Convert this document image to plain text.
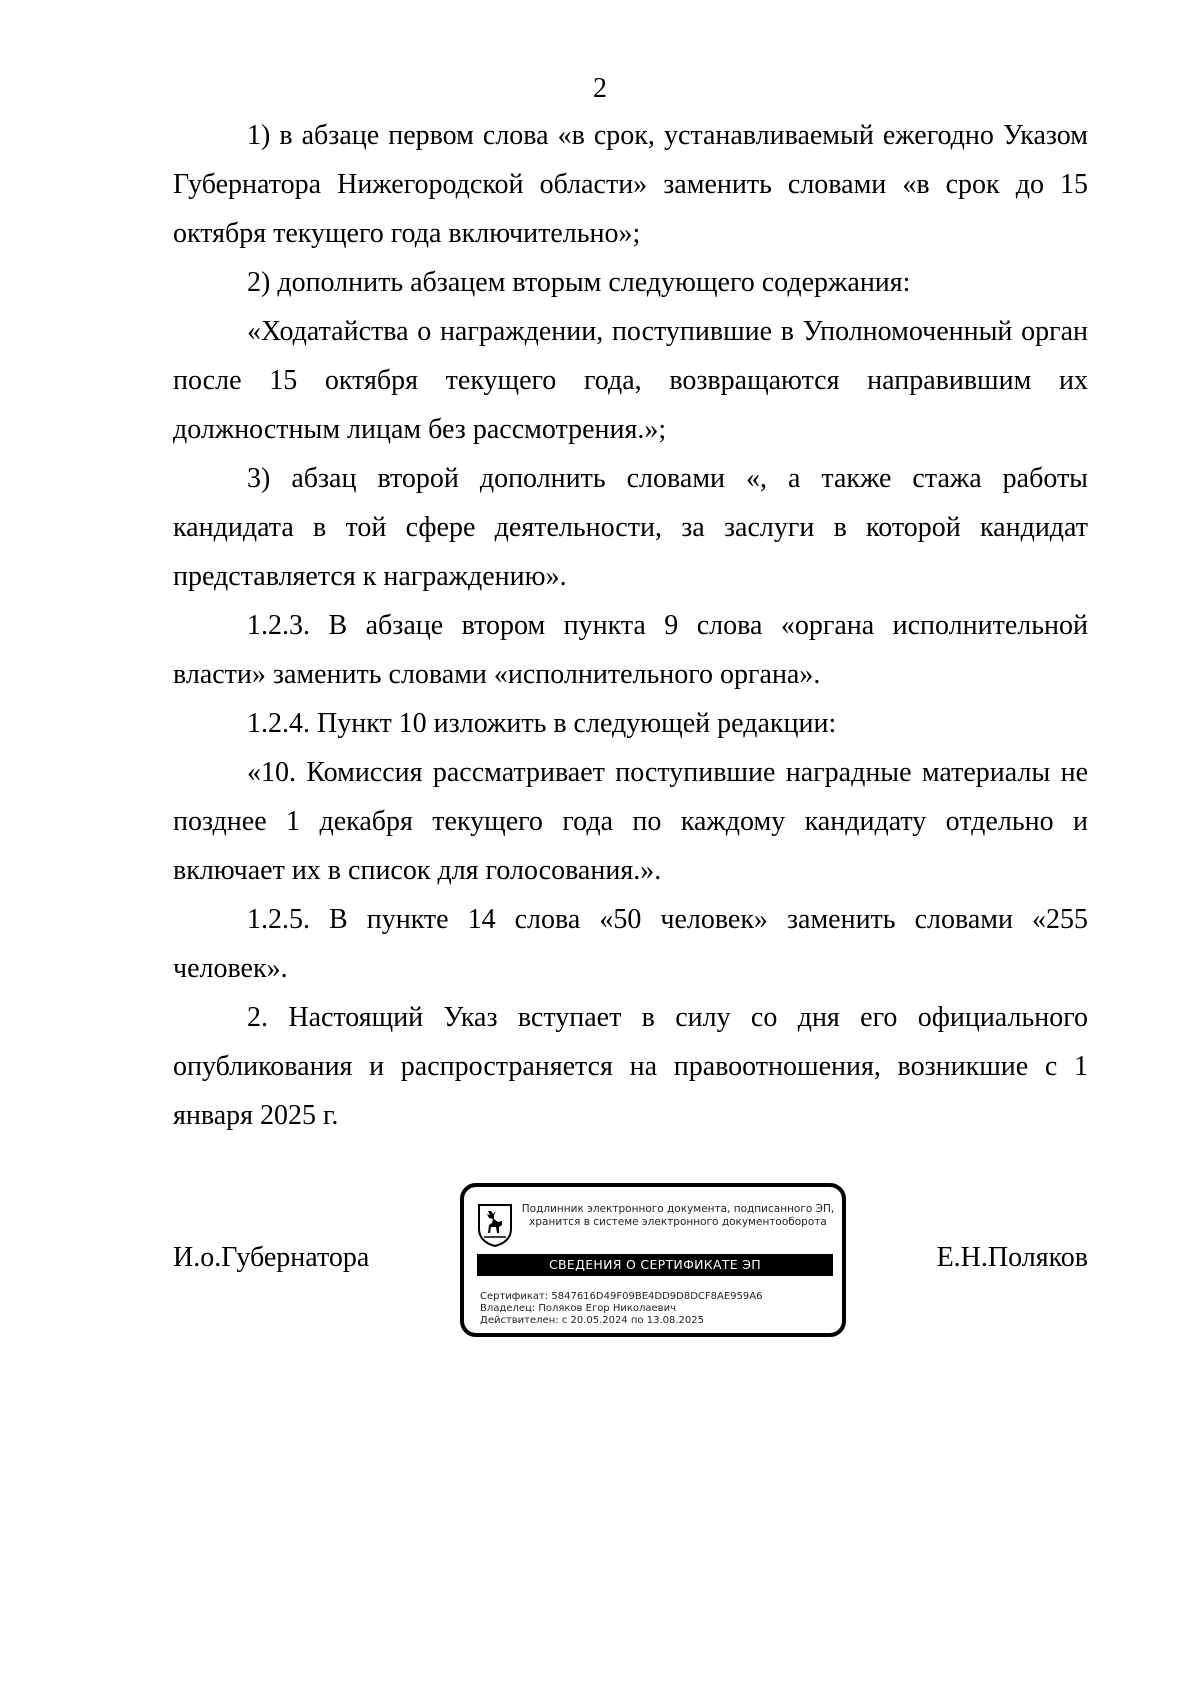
2

1) в абзаце первом слова «в срок, устанавливаемый ежегодно Указом Губернатора Нижегородской области» заменить словами «в срок до 15 октября текущего года включительно»;

2) дополнить абзацем вторым следующего содержания:

«Ходатайства о награждении, поступившие в Уполномоченный орган после 15 октября текущего года, возвращаются направившим их должностным лицам без рассмотрения.»;

3) абзац второй дополнить словами «, а также стажа работы кандидата в той сфере деятельности, за заслуги в которой кандидат представляется к награждению».

1.2.3. В абзаце втором пункта 9 слова «органа исполнительной власти» заменить словами «исполнительного органа».

1.2.4. Пункт 10 изложить в следующей редакции:

«10. Комиссия рассматривает поступившие наградные материалы не позднее 1 декабря текущего года по каждому кандидату отдельно и включает их в список для голосования.».

1.2.5. В пункте 14 слова «50 человек» заменить словами «255 человек».

2. Настоящий Указ вступает в силу со дня его официального опубликования и распространяется на правоотношения, возникшие с 1 января 2025 г.

И.о.Губернатора	Е.Н.Поляков
Подлинник электронного документа, подписанного ЭП,
хранится в системе электронного документооборота
СВЕДЕНИЯ О СЕРТИФИКАТЕ ЭП
Сертификат: 5847616D49F09BE4DD9D8DCF8AE959A6
Владелец: Поляков Егор Николаевич
Действителен: с 20.05.2024 по 13.08.2025
